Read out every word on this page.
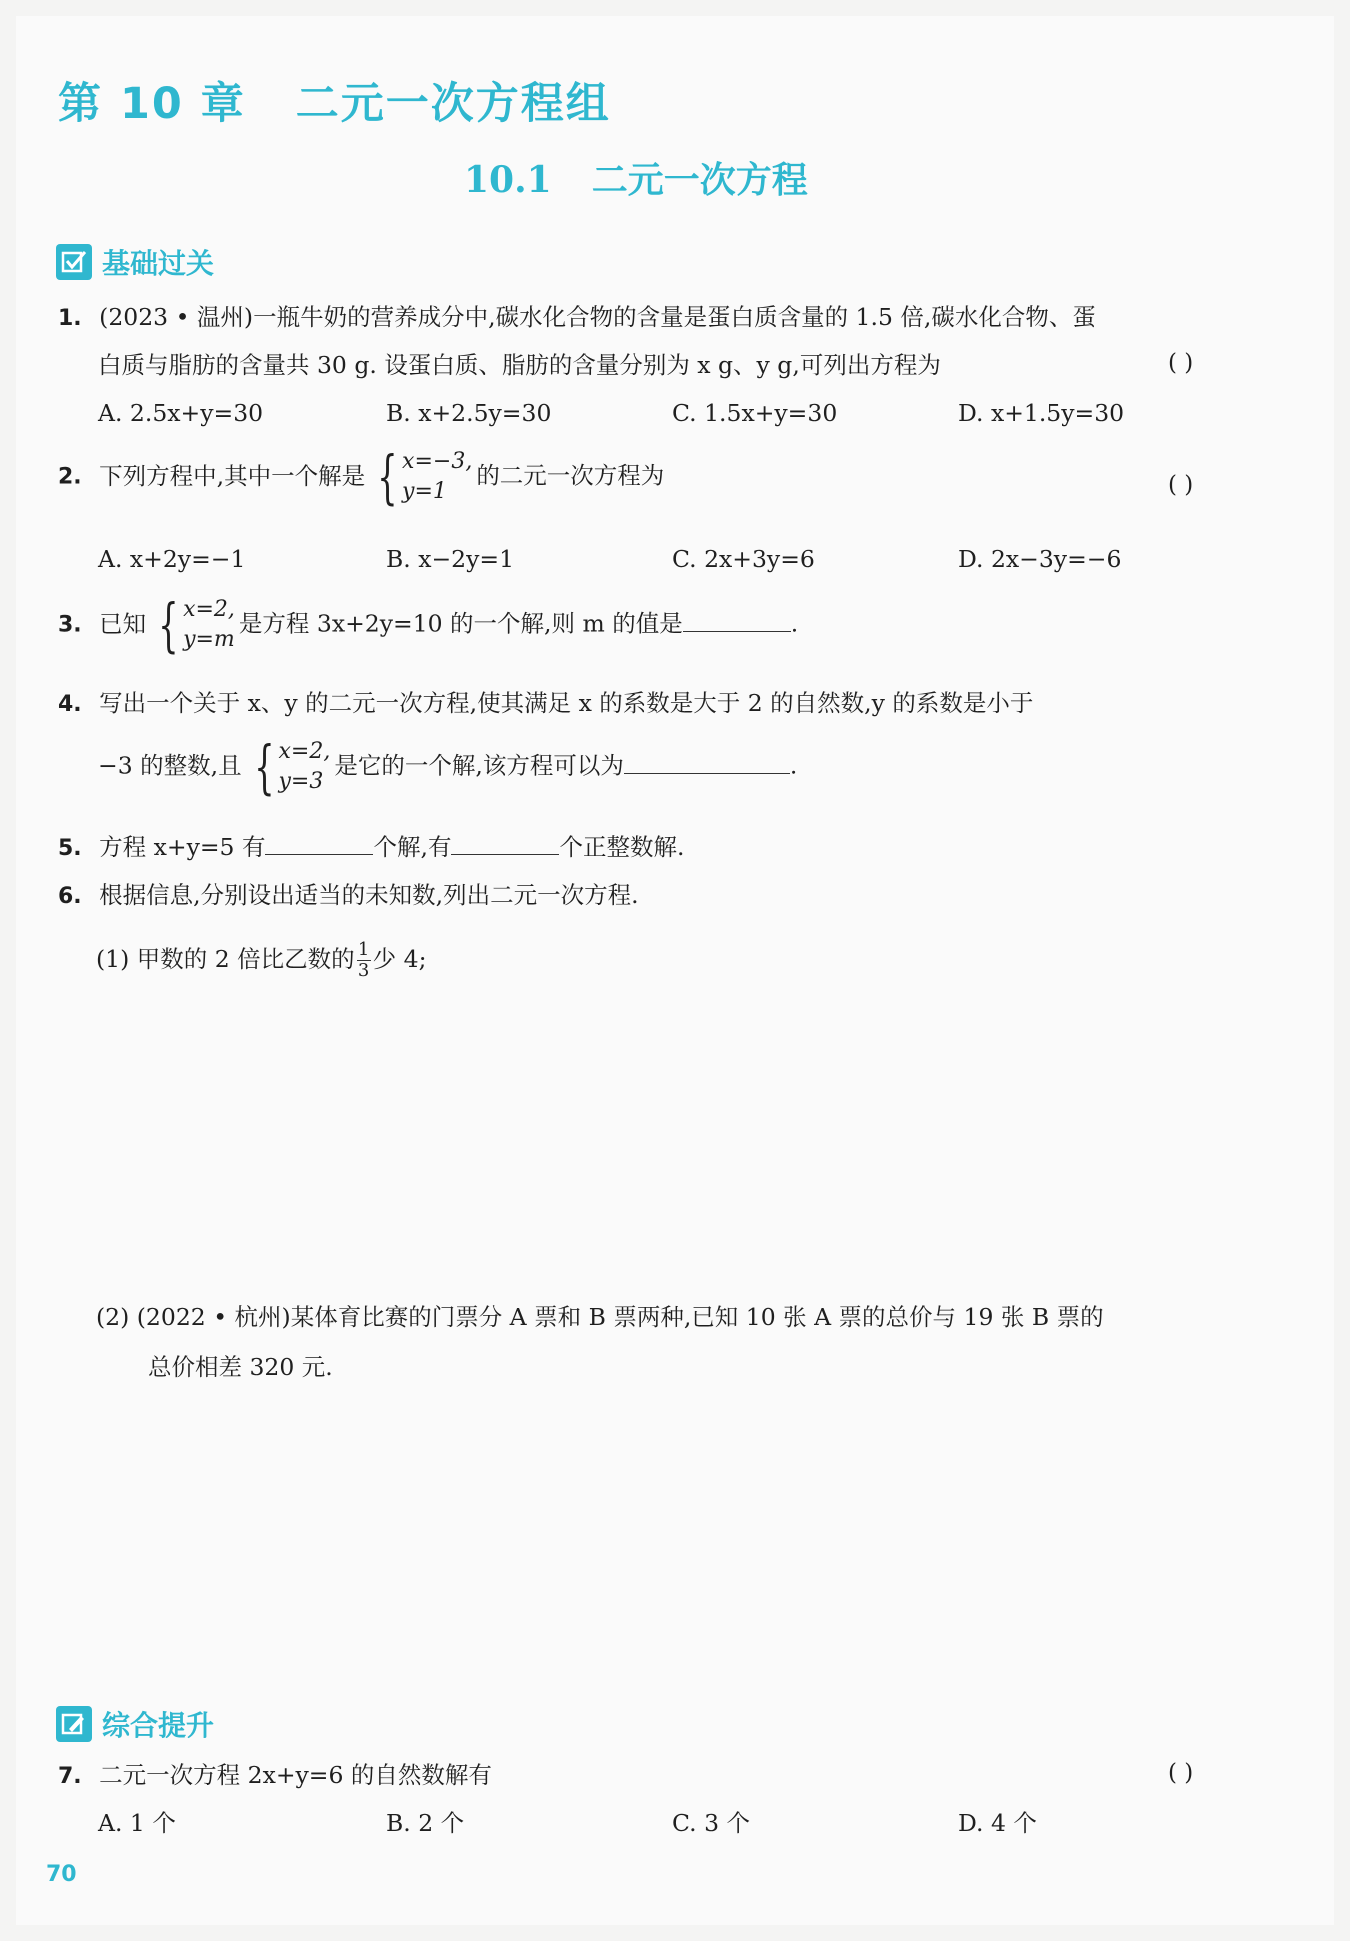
第 10 章 二元一次方程组
10.1 二元一次方程
基础过关
1. (2023 • 温州)一瓶牛奶的营养成分中,碳水化合物的含量是蛋白质含量的 1.5 倍,碳水化合物、蛋
白质与脂肪的含量共 30 g. 设蛋白质、脂肪的含量分别为 x g、y g,可列出方程为	( )
A. 2.5x+y=30	B. x+2.5y=30	C. 1.5x+y=30	D. x+1.5y=30
2. 下列方程中,其中一个解是 { x=−3,
y=1
的二元一次方程为	( )
A. x+2y=−1	B. x−2y=1	C. 2x+3y=6	D. 2x−3y=−6
3. 已知 { x=2,
y=m
是方程 3x+2y=10 的一个解,则 m 的值是	.
4. 写出一个关于 x、y 的二元一次方程,使其满足 x 的系数是大于 2 的自然数,y 的系数是小于
−3 的整数,且 { x=2,
y=3
是它的一个解,该方程可以为	.
5. 方程 x+y=5 有	个解,有	个正整数解.
6. 根据信息,分别设出适当的未知数,列出二元一次方程.
(1) 甲数的 2 倍比乙数的 $\frac{1}{3}$ 少 4;
(2) (2022 • 杭州)某体育比赛的门票分 A 票和 B 票两种,已知 10 张 A 票的总价与 19 张 B 票的
总价相差 320 元.
综合提升
7. 二元一次方程 2x+y=6 的自然数解有	( )
A. 1 个	B. 2 个	C. 3 个	D. 4 个
70
